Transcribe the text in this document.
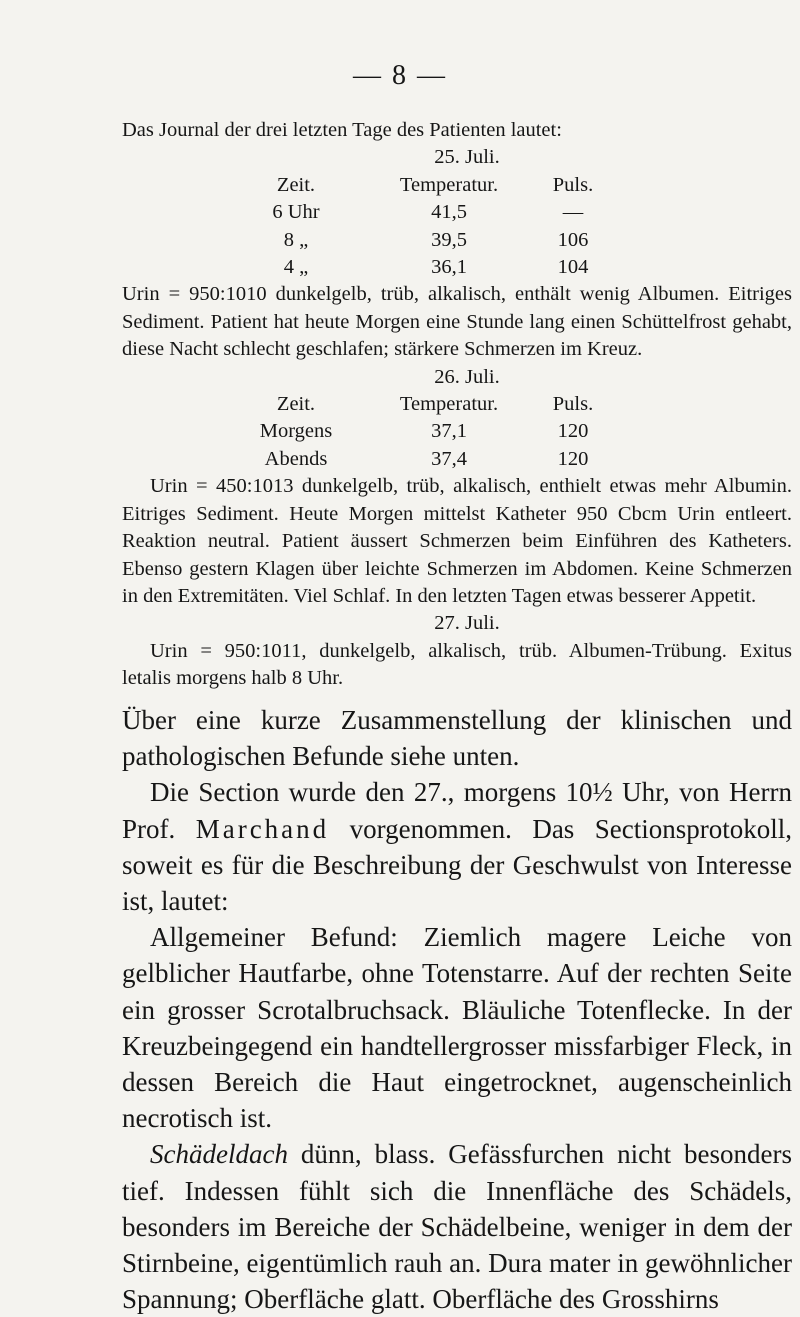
— 8 —

Das Journal der drei letzten Tage des Patienten lautet:

25. Juli.
Zeit.	Temperatur.	Puls.
6 Uhr	41,5	—
8 „	39,5	106
4 „	36,1	104

Urin = 950:1010 dunkelgelb, trüb, alkalisch, enthält wenig Albumen. Eitriges Sediment. Patient hat heute Morgen eine Stunde lang einen Schüttelfrost gehabt, diese Nacht schlecht geschlafen; stärkere Schmerzen im Kreuz.

26. Juli.
Zeit.	Temperatur.	Puls.
Morgens	37,1	120
Abends	37,4	120

Urin = 450:1013 dunkelgelb, trüb, alkalisch, enthielt etwas mehr Albumin. Eitriges Sediment. Heute Morgen mittelst Katheter 950 Cbcm Urin entleert. Reaktion neutral. Patient äussert Schmerzen beim Einführen des Katheters. Ebenso gestern Klagen über leichte Schmerzen im Abdomen. Keine Schmerzen in den Extremitäten. Viel Schlaf. In den letzten Tagen etwas besserer Appetit.

27. Juli.

Urin = 950:1011, dunkelgelb, alkalisch, trüb. Albumen-Trübung. Exitus letalis morgens halb 8 Uhr.

Über eine kurze Zusammenstellung der klinischen und pathologischen Befunde siehe unten.

Die Section wurde den 27., morgens 10½ Uhr, von Herrn Prof. Marchand vorgenommen. Das Sectionsprotokoll, soweit es für die Beschreibung der Geschwulst von Interesse ist, lautet:

Allgemeiner Befund: Ziemlich magere Leiche von gelblicher Hautfarbe, ohne Totenstarre. Auf der rechten Seite ein grosser Scrotalbruchsack. Bläuliche Totenflecke. In der Kreuzbeingegend ein handtellergrosser missfarbiger Fleck, in dessen Bereich die Haut eingetrocknet, augenscheinlich necrotisch ist.

Schädeldach dünn, blass. Gefässfurchen nicht besonders tief. Indessen fühlt sich die Innenfläche des Schädels, besonders im Bereiche der Schädelbeine, weniger in dem der Stirnbeine, eigentümlich rauh an. Dura mater in gewöhnlicher Spannung; Oberfläche glatt. Oberfläche des Grosshirns
